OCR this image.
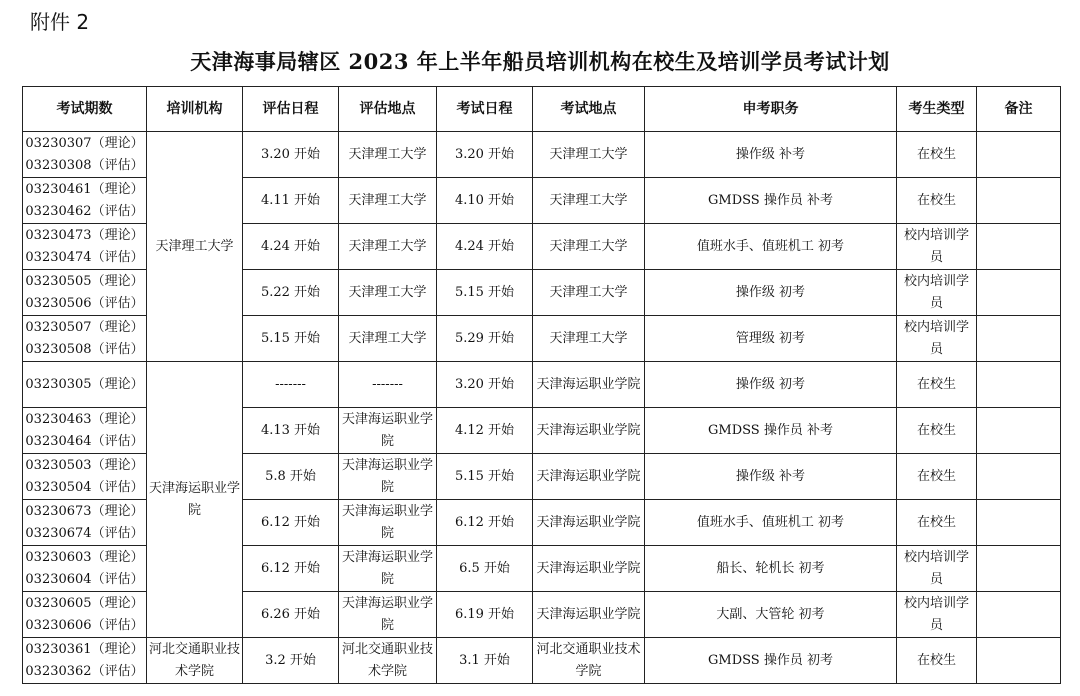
附件 2
天津海事局辖区 2023 年上半年船员培训机构在校生及培训学员考试计划
考试期数	培训机构	评估日程	评估地点	考试日程	考试地点	申考职务	考生类型	备注

03230307（理论）
03230308（评估）	天津理工大学	3.20 开始	天津理工大学	3.20 开始	天津理工大学	操作级 补考	在校生	

03230461（理论）
03230462（评估）		4.11 开始	天津理工大学	4.10 开始	天津理工大学	GMDSS 操作员 补考	在校生	

03230473（理论）
03230474（评估）		4.24 开始	天津理工大学	4.24 开始	天津理工大学	值班水手、值班机工 初考	校内培训学员	

03230505（理论）
03230506（评估）		5.22 开始	天津理工大学	5.15 开始	天津理工大学	操作级 初考	校内培训学员	

03230507（理论）
03230508（评估）		5.15 开始	天津理工大学	5.29 开始	天津理工大学	管理级 初考	校内培训学员	

03230305（理论）	天津海运职业学院	-------	-------	3.20 开始	天津海运职业学院	操作级 初考	在校生	

03230463（理论）
03230464（评估）		4.13 开始	天津海运职业学院	4.12 开始	天津海运职业学院	GMDSS 操作员 补考	在校生	

03230503（理论）
03230504（评估）		5.8 开始	天津海运职业学院	5.15 开始	天津海运职业学院	操作级 补考	在校生	

03230673（理论）
03230674（评估）		6.12 开始	天津海运职业学院	6.12 开始	天津海运职业学院	值班水手、值班机工 初考	在校生	

03230603（理论）
03230604（评估）		6.12 开始	天津海运职业学院	6.5 开始	天津海运职业学院	船长、轮机长 初考	校内培训学员	

03230605（理论）
03230606（评估）		6.26 开始	天津海运职业学院	6.19 开始	天津海运职业学院	大副、大管轮 初考	校内培训学员	

03230361（理论）
03230362（评估）	河北交通职业技术学院	3.2 开始	河北交通职业技术学院	3.1 开始	河北交通职业技术学院	GMDSS 操作员 初考	在校生	
